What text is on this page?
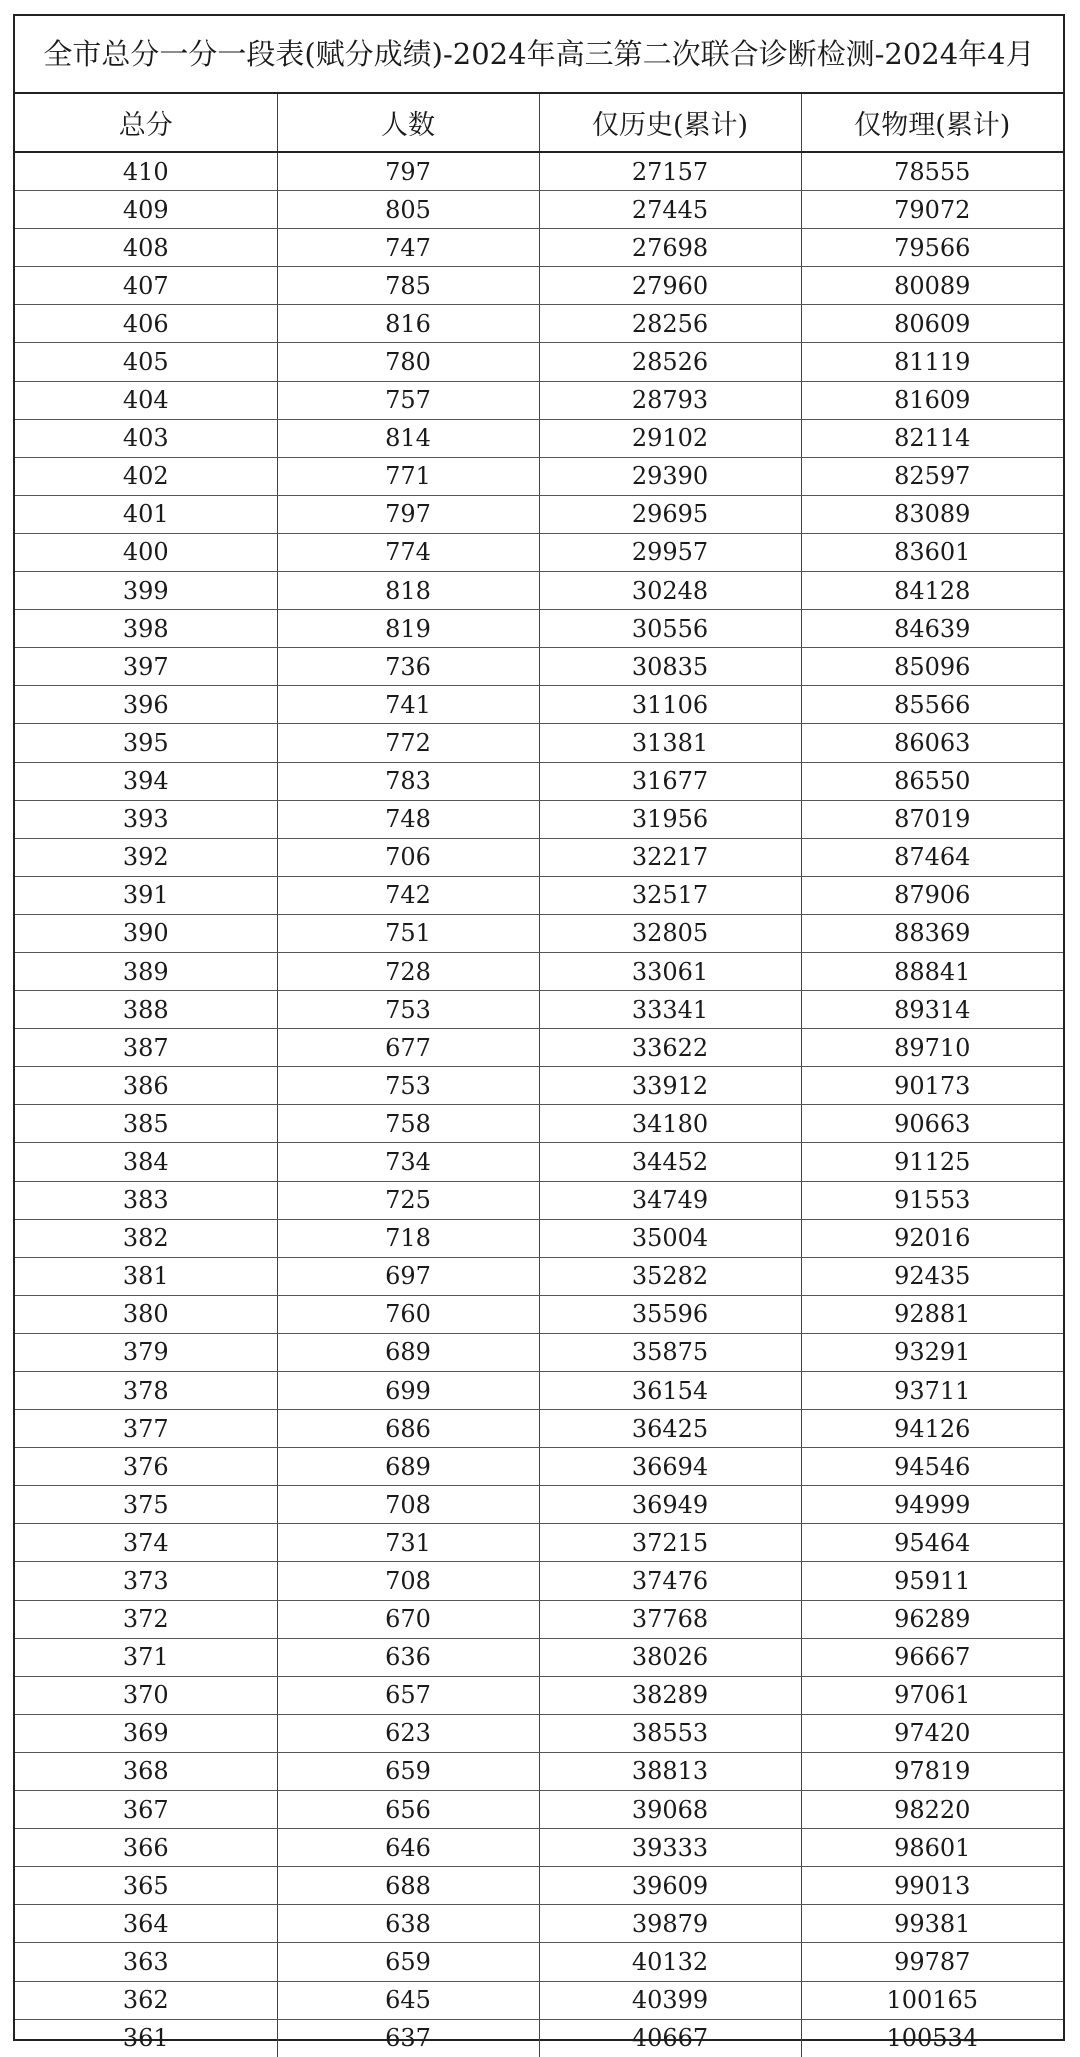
全市总分一分一段表(赋分成绩)-2024年高三第二次联合诊断检测-2024年4月
总分	人数	仅历史(累计)	仅物理(累计)
410	797	27157	78555
409	805	27445	79072
408	747	27698	79566
407	785	27960	80089
406	816	28256	80609
405	780	28526	81119
404	757	28793	81609
403	814	29102	82114
402	771	29390	82597
401	797	29695	83089
400	774	29957	83601
399	818	30248	84128
398	819	30556	84639
397	736	30835	85096
396	741	31106	85566
395	772	31381	86063
394	783	31677	86550
393	748	31956	87019
392	706	32217	87464
391	742	32517	87906
390	751	32805	88369
389	728	33061	88841
388	753	33341	89314
387	677	33622	89710
386	753	33912	90173
385	758	34180	90663
384	734	34452	91125
383	725	34749	91553
382	718	35004	92016
381	697	35282	92435
380	760	35596	92881
379	689	35875	93291
378	699	36154	93711
377	686	36425	94126
376	689	36694	94546
375	708	36949	94999
374	731	37215	95464
373	708	37476	95911
372	670	37768	96289
371	636	38026	96667
370	657	38289	97061
369	623	38553	97420
368	659	38813	97819
367	656	39068	98220
366	646	39333	98601
365	688	39609	99013
364	638	39879	99381
363	659	40132	99787
362	645	40399	100165
361	637	40667	100534
